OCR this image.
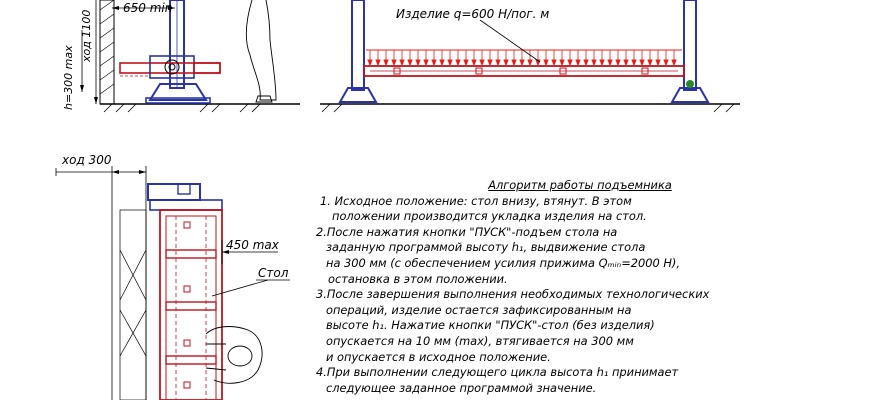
650 min
h=300 max
ход 1100	Изделие q=600 Н/пог. м
ход 300
450 max
Стол
Алгоритм работы подъемника
1. Исходное положение: стол внизу, втянут. В этом
положении производится укладка изделия на стол.
2.После нажатия кнопки "ПУСК"-подъем стола на
заданную программой высоту h₁, выдвижение стола
на 300 мм (с обеспечением усилия прижима Qₘᵢₙ=2000 Н),
остановка в этом положении.
3.После завершения выполнения необходимых технологических
операций, изделие остается зафиксированным на
высоте h₁. Нажатие кнопки "ПУСК"-стол (без изделия)
опускается на 10 мм (max), втягивается на 300 мм
и опускается в исходное положение.
4.При выполнении следующего цикла высота h₁ принимает
следующее заданное программой значение.
